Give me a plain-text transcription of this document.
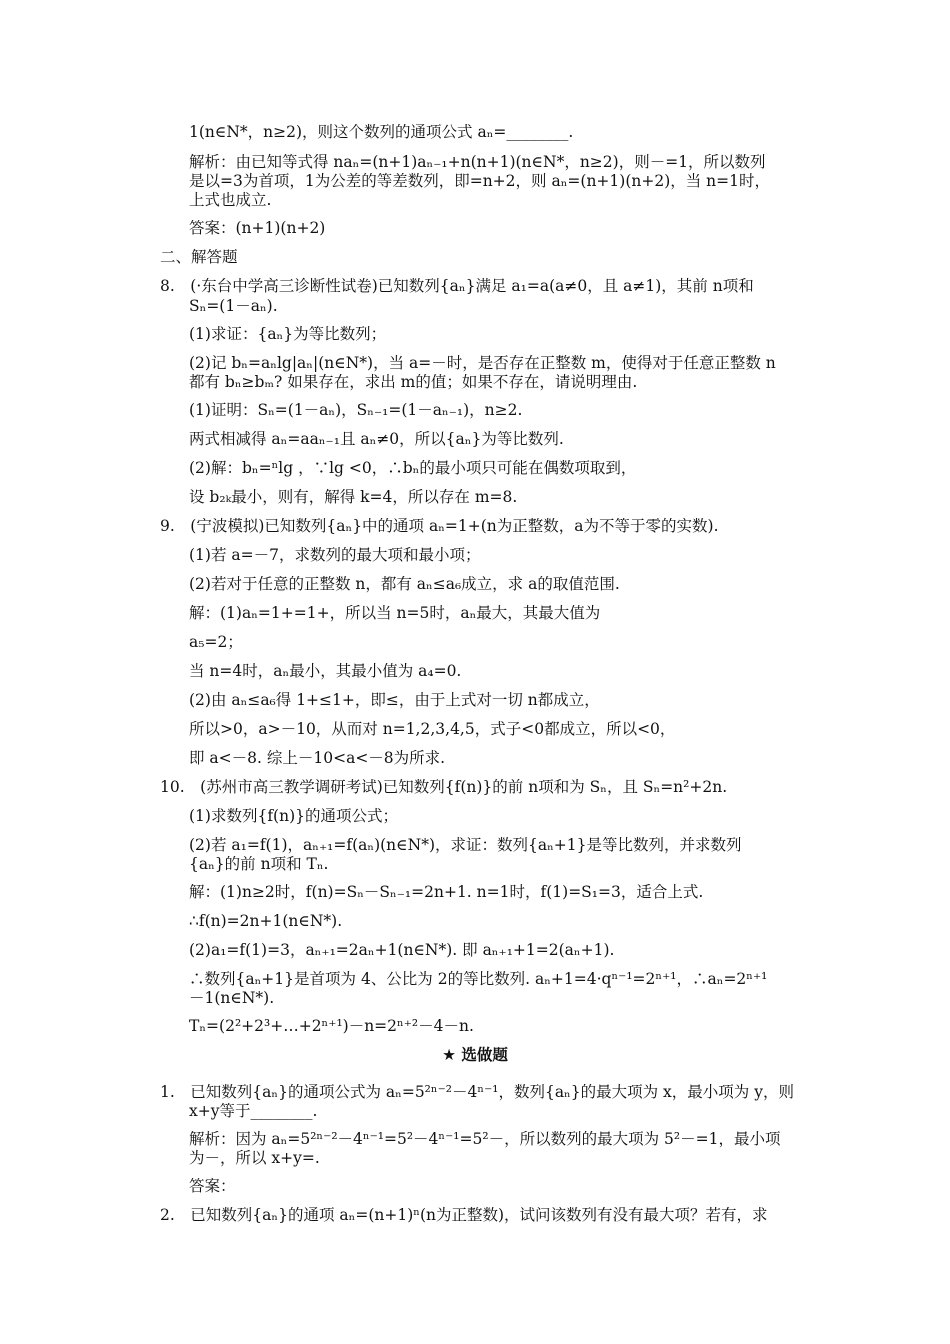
1(n∈N*，n≥2)，则这个数列的通项公式 aₙ=________.
解析：由已知等式得 naₙ=(n+1)aₙ₋₁+n(n+1)(n∈N*，n≥2)，则－=1，所以数列
是以=3为首项，1为公差的等差数列，即=n+2，则 aₙ=(n+1)(n+2)，当 n=1时，
上式也成立.
答案：(n+1)(n+2)
二、解答题
8.　(·东台中学高三诊断性试卷)已知数列{aₙ}满足 a₁=a(a≠0，且 a≠1)，其前 n项和
Sₙ=(1－aₙ).
(1)求证：{aₙ}为等比数列；
(2)记 bₙ=aₙlg|aₙ|(n∈N*)，当 a=－时，是否存在正整数 m，使得对于任意正整数 n
都有 bₙ≥bₘ? 如果存在，求出 m的值；如果不存在，请说明理由.
(1)证明：Sₙ=(1－aₙ)，Sₙ₋₁=(1－aₙ₋₁)，n≥2.
两式相减得 aₙ=aaₙ₋₁且 aₙ≠0，所以{aₙ}为等比数列.
(2)解：bₙ=ⁿlg ，∵lg <0，∴bₙ的最小项只可能在偶数项取到，
设 b₂ₖ最小，则有，解得 k=4，所以存在 m=8.
9.　(宁波模拟)已知数列{aₙ}中的通项 aₙ=1+(n为正整数，a为不等于零的实数).
(1)若 a=－7，求数列的最大项和最小项；
(2)若对于任意的正整数 n，都有 aₙ≤a₆成立，求 a的取值范围.
解：(1)aₙ=1+=1+，所以当 n=5时，aₙ最大，其最大值为
a₅=2；
当 n=4时，aₙ最小，其最小值为 a₄=0.
(2)由 aₙ≤a₆得 1+≤1+，即≤，由于上式对一切 n都成立，
所以>0，a>－10，从而对 n=1,2,3,4,5，式子<0都成立，所以<0，
即 a<－8. 综上－10<a<－8为所求.
10.　(苏州市高三教学调研考试)已知数列{f(n)}的前 n项和为 Sₙ，且 Sₙ=n²+2n.
(1)求数列{f(n)}的通项公式；
(2)若 a₁=f(1)，aₙ₊₁=f(aₙ)(n∈N*)，求证：数列{aₙ+1}是等比数列，并求数列
{aₙ}的前 n项和 Tₙ.
解：(1)n≥2时，f(n)=Sₙ－Sₙ₋₁=2n+1. n=1时，f(1)=S₁=3，适合上式.
∴f(n)=2n+1(n∈N*).
(2)a₁=f(1)=3，aₙ₊₁=2aₙ+1(n∈N*). 即 aₙ₊₁+1=2(aₙ+1).
∴数列{aₙ+1}是首项为 4、公比为 2的等比数列. aₙ+1=4·qⁿ⁻¹=2ⁿ⁺¹，∴aₙ=2ⁿ⁺¹
－1(n∈N*).
Tₙ=(2²+2³+…+2ⁿ⁺¹)－n=2ⁿ⁺²－4－n.
★ 选做题
1.　已知数列{aₙ}的通项公式为 aₙ=5²ⁿ⁻²－4ⁿ⁻¹，数列{aₙ}的最大项为 x，最小项为 y，则
x+y等于________.
解析：因为 aₙ=5²ⁿ⁻²－4ⁿ⁻¹=5²－4ⁿ⁻¹=5²－，所以数列的最大项为 5²－=1，最小项
为－，所以 x+y=.
答案：
2.　已知数列{aₙ}的通项 aₙ=(n+1)ⁿ(n为正整数)，试问该数列有没有最大项？若有，求
